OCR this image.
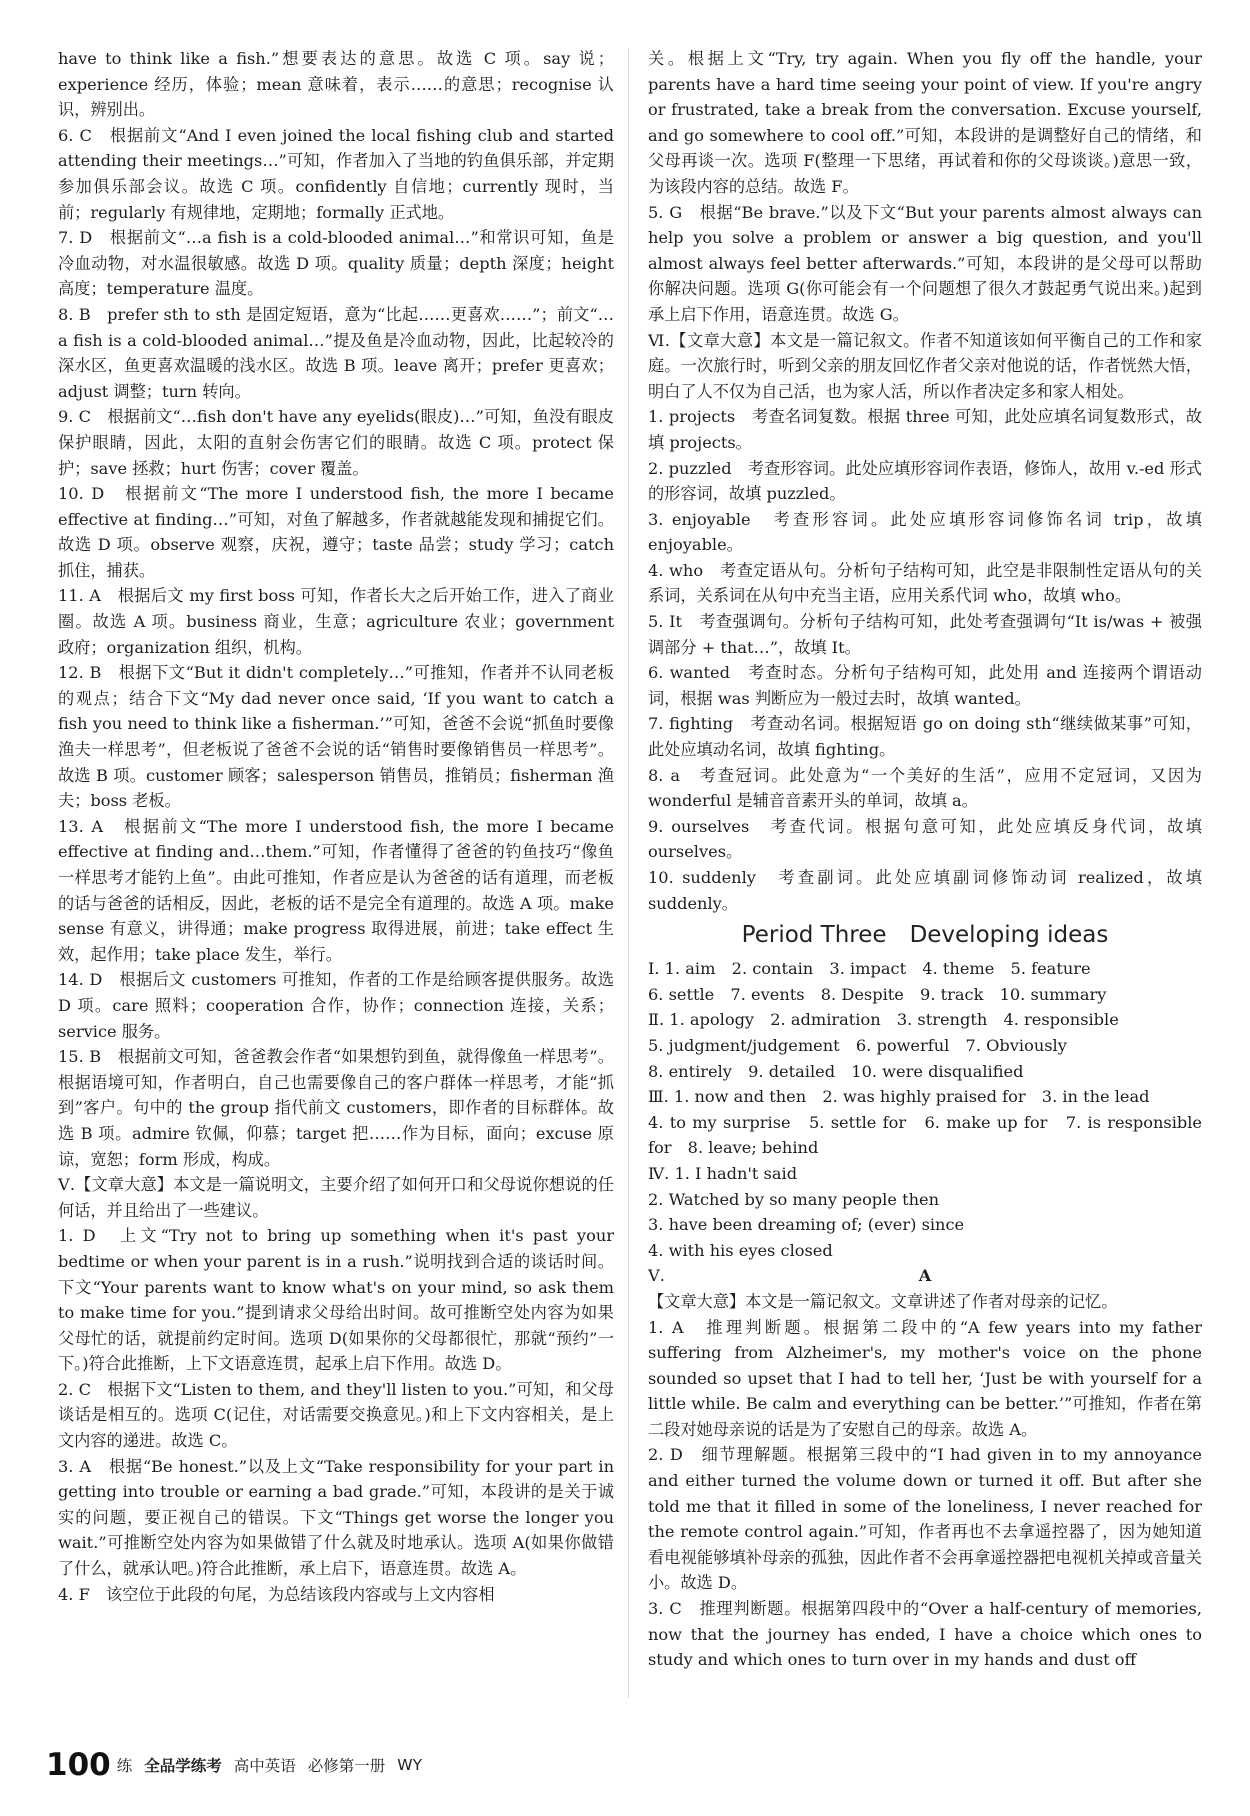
have to think like a fish.”想要表达的意思。故选 C 项。say 说；experience 经历，体验；mean 意味着，表示……的意思；recognise 认识，辨别出。

6. C　根据前文“And I even joined the local fishing club and started attending their meetings…”可知，作者加入了当地的钓鱼俱乐部，并定期参加俱乐部会议。故选 C 项。confidently 自信地；currently 现时，当前；regularly 有规律地，定期地；formally 正式地。

7. D　根据前文“…a fish is a cold-blooded animal…”和常识可知，鱼是冷血动物，对水温很敏感。故选 D 项。quality 质量；depth 深度；height 高度；temperature 温度。

8. B　prefer sth to sth 是固定短语，意为“比起……更喜欢……”；前文“…a fish is a cold-blooded animal…”提及鱼是冷血动物，因此，比起较冷的深水区，鱼更喜欢温暖的浅水区。故选 B 项。leave 离开；prefer 更喜欢；adjust 调整；turn 转向。

9. C　根据前文“…fish don't have any eyelids(眼皮)…”可知，鱼没有眼皮保护眼睛，因此，太阳的直射会伤害它们的眼睛。故选 C 项。protect 保护；save 拯救；hurt 伤害；cover 覆盖。

10. D　根据前文“The more I understood fish, the more I became effective at finding…”可知，对鱼了解越多，作者就越能发现和捕捉它们。故选 D 项。observe 观察，庆祝，遵守；taste 品尝；study 学习；catch 抓住，捕获。

11. A　根据后文 my first boss 可知，作者长大之后开始工作，进入了商业圈。故选 A 项。business 商业，生意；agriculture 农业；government 政府；organization 组织，机构。

12. B　根据下文“But it didn't completely…”可推知，作者并不认同老板的观点；结合下文“My dad never once said, ‘If you want to catch a fish you need to think like a fisherman.’”可知，爸爸不会说“抓鱼时要像渔夫一样思考”，但老板说了爸爸不会说的话“销售时要像销售员一样思考”。故选 B 项。customer 顾客；salesperson 销售员，推销员；fisherman 渔夫；boss 老板。

13. A　根据前文“The more I understood fish, the more I became effective at finding and…them.”可知，作者懂得了爸爸的钓鱼技巧“像鱼一样思考才能钓上鱼”。由此可推知，作者应是认为爸爸的话有道理，而老板的话与爸爸的话相反，因此，老板的话不是完全有道理的。故选 A 项。make sense 有意义，讲得通；make progress 取得进展，前进；take effect 生效，起作用；take place 发生，举行。

14. D　根据后文 customers 可推知，作者的工作是给顾客提供服务。故选 D 项。care 照料；cooperation 合作，协作；connection 连接，关系；service 服务。

15. B　根据前文可知，爸爸教会作者“如果想钓到鱼，就得像鱼一样思考”。根据语境可知，作者明白，自己也需要像自己的客户群体一样思考，才能“抓到”客户。句中的 the group 指代前文 customers，即作者的目标群体。故选 B 项。admire 钦佩，仰慕；target 把……作为目标，面向；excuse 原谅，宽恕；form 形成，构成。

Ⅴ.【文章大意】本文是一篇说明文，主要介绍了如何开口和父母说你想说的任何话，并且给出了一些建议。

1. D　上文“Try not to bring up something when it's past your bedtime or when your parent is in a rush.”说明找到合适的谈话时间。下文“Your parents want to know what's on your mind, so ask them to make time for you.”提到请求父母给出时间。故可推断空处内容为如果父母忙的话，就提前约定时间。选项 D(如果你的父母都很忙，那就“预约”一下。)符合此推断，上下文语意连贯，起承上启下作用。故选 D。

2. C　根据下文“Listen to them, and they'll listen to you.”可知，和父母谈话是相互的。选项 C(记住，对话需要交换意见。)和上下文内容相关，是上文内容的递进。故选 C。

3. A　根据“Be honest.”以及上文“Take responsibility for your part in getting into trouble or earning a bad grade.”可知，本段讲的是关于诚实的问题，要正视自己的错误。下文“Things get worse the longer you wait.”可推断空处内容为如果做错了什么就及时地承认。选项 A(如果你做错了什么，就承认吧。)符合此推断，承上启下，语意连贯。故选 A。

4. F　该空位于此段的句尾，为总结该段内容或与上文内容相

关。根据上文“Try, try again. When you fly off the handle, your parents have a hard time seeing your point of view. If you're angry or frustrated, take a break from the conversation. Excuse yourself, and go somewhere to cool off.”可知，本段讲的是调整好自己的情绪，和父母再谈一次。选项 F(整理一下思绪，再试着和你的父母谈谈。)意思一致，为该段内容的总结。故选 F。

5. G　根据“Be brave.”以及下文“But your parents almost always can help you solve a problem or answer a big question, and you'll almost always feel better afterwards.”可知，本段讲的是父母可以帮助你解决问题。选项 G(你可能会有一个问题想了很久才鼓起勇气说出来。)起到承上启下作用，语意连贯。故选 G。

Ⅵ.【文章大意】本文是一篇记叙文。作者不知道该如何平衡自己的工作和家庭。一次旅行时，听到父亲的朋友回忆作者父亲对他说的话，作者恍然大悟，明白了人不仅为自己活，也为家人活，所以作者决定多和家人相处。

1. projects　考查名词复数。根据 three 可知，此处应填名词复数形式，故填 projects。

2. puzzled　考查形容词。此处应填形容词作表语，修饰人，故用 v.-ed 形式的形容词，故填 puzzled。

3. enjoyable　考查形容词。此处应填形容词修饰名词 trip，故填 enjoyable。

4. who　考查定语从句。分析句子结构可知，此空是非限制性定语从句的关系词，关系词在从句中充当主语，应用关系代词 who，故填 who。

5. It　考查强调句。分析句子结构可知，此处考查强调句“It is/was + 被强调部分 + that…”，故填 It。

6. wanted　考查时态。分析句子结构可知，此处用 and 连接两个谓语动词，根据 was 判断应为一般过去时，故填 wanted。

7. fighting　考查动名词。根据短语 go on doing sth“继续做某事”可知，此处应填动名词，故填 fighting。

8. a　考查冠词。此处意为“一个美好的生活”，应用不定冠词，又因为 wonderful 是辅音音素开头的单词，故填 a。

9. ourselves　考查代词。根据句意可知，此处应填反身代词，故填 ourselves。

10. suddenly　考查副词。此处应填副词修饰动词 realized，故填 suddenly。

Period Three　Developing ideas

Ⅰ. 1. aim　2. contain　3. impact　4. theme　5. feature

6. settle　7. events　8. Despite　9. track　10. summary

Ⅱ. 1. apology　2. admiration　3. strength　4. responsible

5. judgment/judgement　6. powerful　7. Obviously

8. entirely　9. detailed　10. were disqualified

Ⅲ. 1. now and then　2. was highly praised for　3. in the lead

4. to my surprise　5. settle for　6. make up for　7. is responsible for　8. leave; behind

Ⅳ. 1. I hadn't said

2. Watched by so many people then

3. have been dreaming of; (ever) since

4. with his eyes closed

Ⅴ.	A

【文章大意】本文是一篇记叙文。文章讲述了作者对母亲的记忆。

1. A　推理判断题。根据第二段中的“A few years into my father suffering from Alzheimer's, my mother's voice on the phone sounded so upset that I had to tell her, ‘Just be with yourself for a little while. Be calm and everything can be better.’”可推知，作者在第二段对她母亲说的话是为了安慰自己的母亲。故选 A。

2. D　细节理解题。根据第三段中的“I had given in to my annoyance and either turned the volume down or turned it off. But after she told me that it filled in some of the loneliness, I never reached for the remote control again.”可知，作者再也不去拿遥控器了，因为她知道看电视能够填补母亲的孤独，因此作者不会再拿遥控器把电视机关掉或音量关小。故选 D。

3. C　推理判断题。根据第四段中的“Over a half-century of memories, now that the journey has ended, I have a choice which ones to study and which ones to turn over in my hands and dust off

100 练 全品学练考 高中英语 必修第一册 WY
